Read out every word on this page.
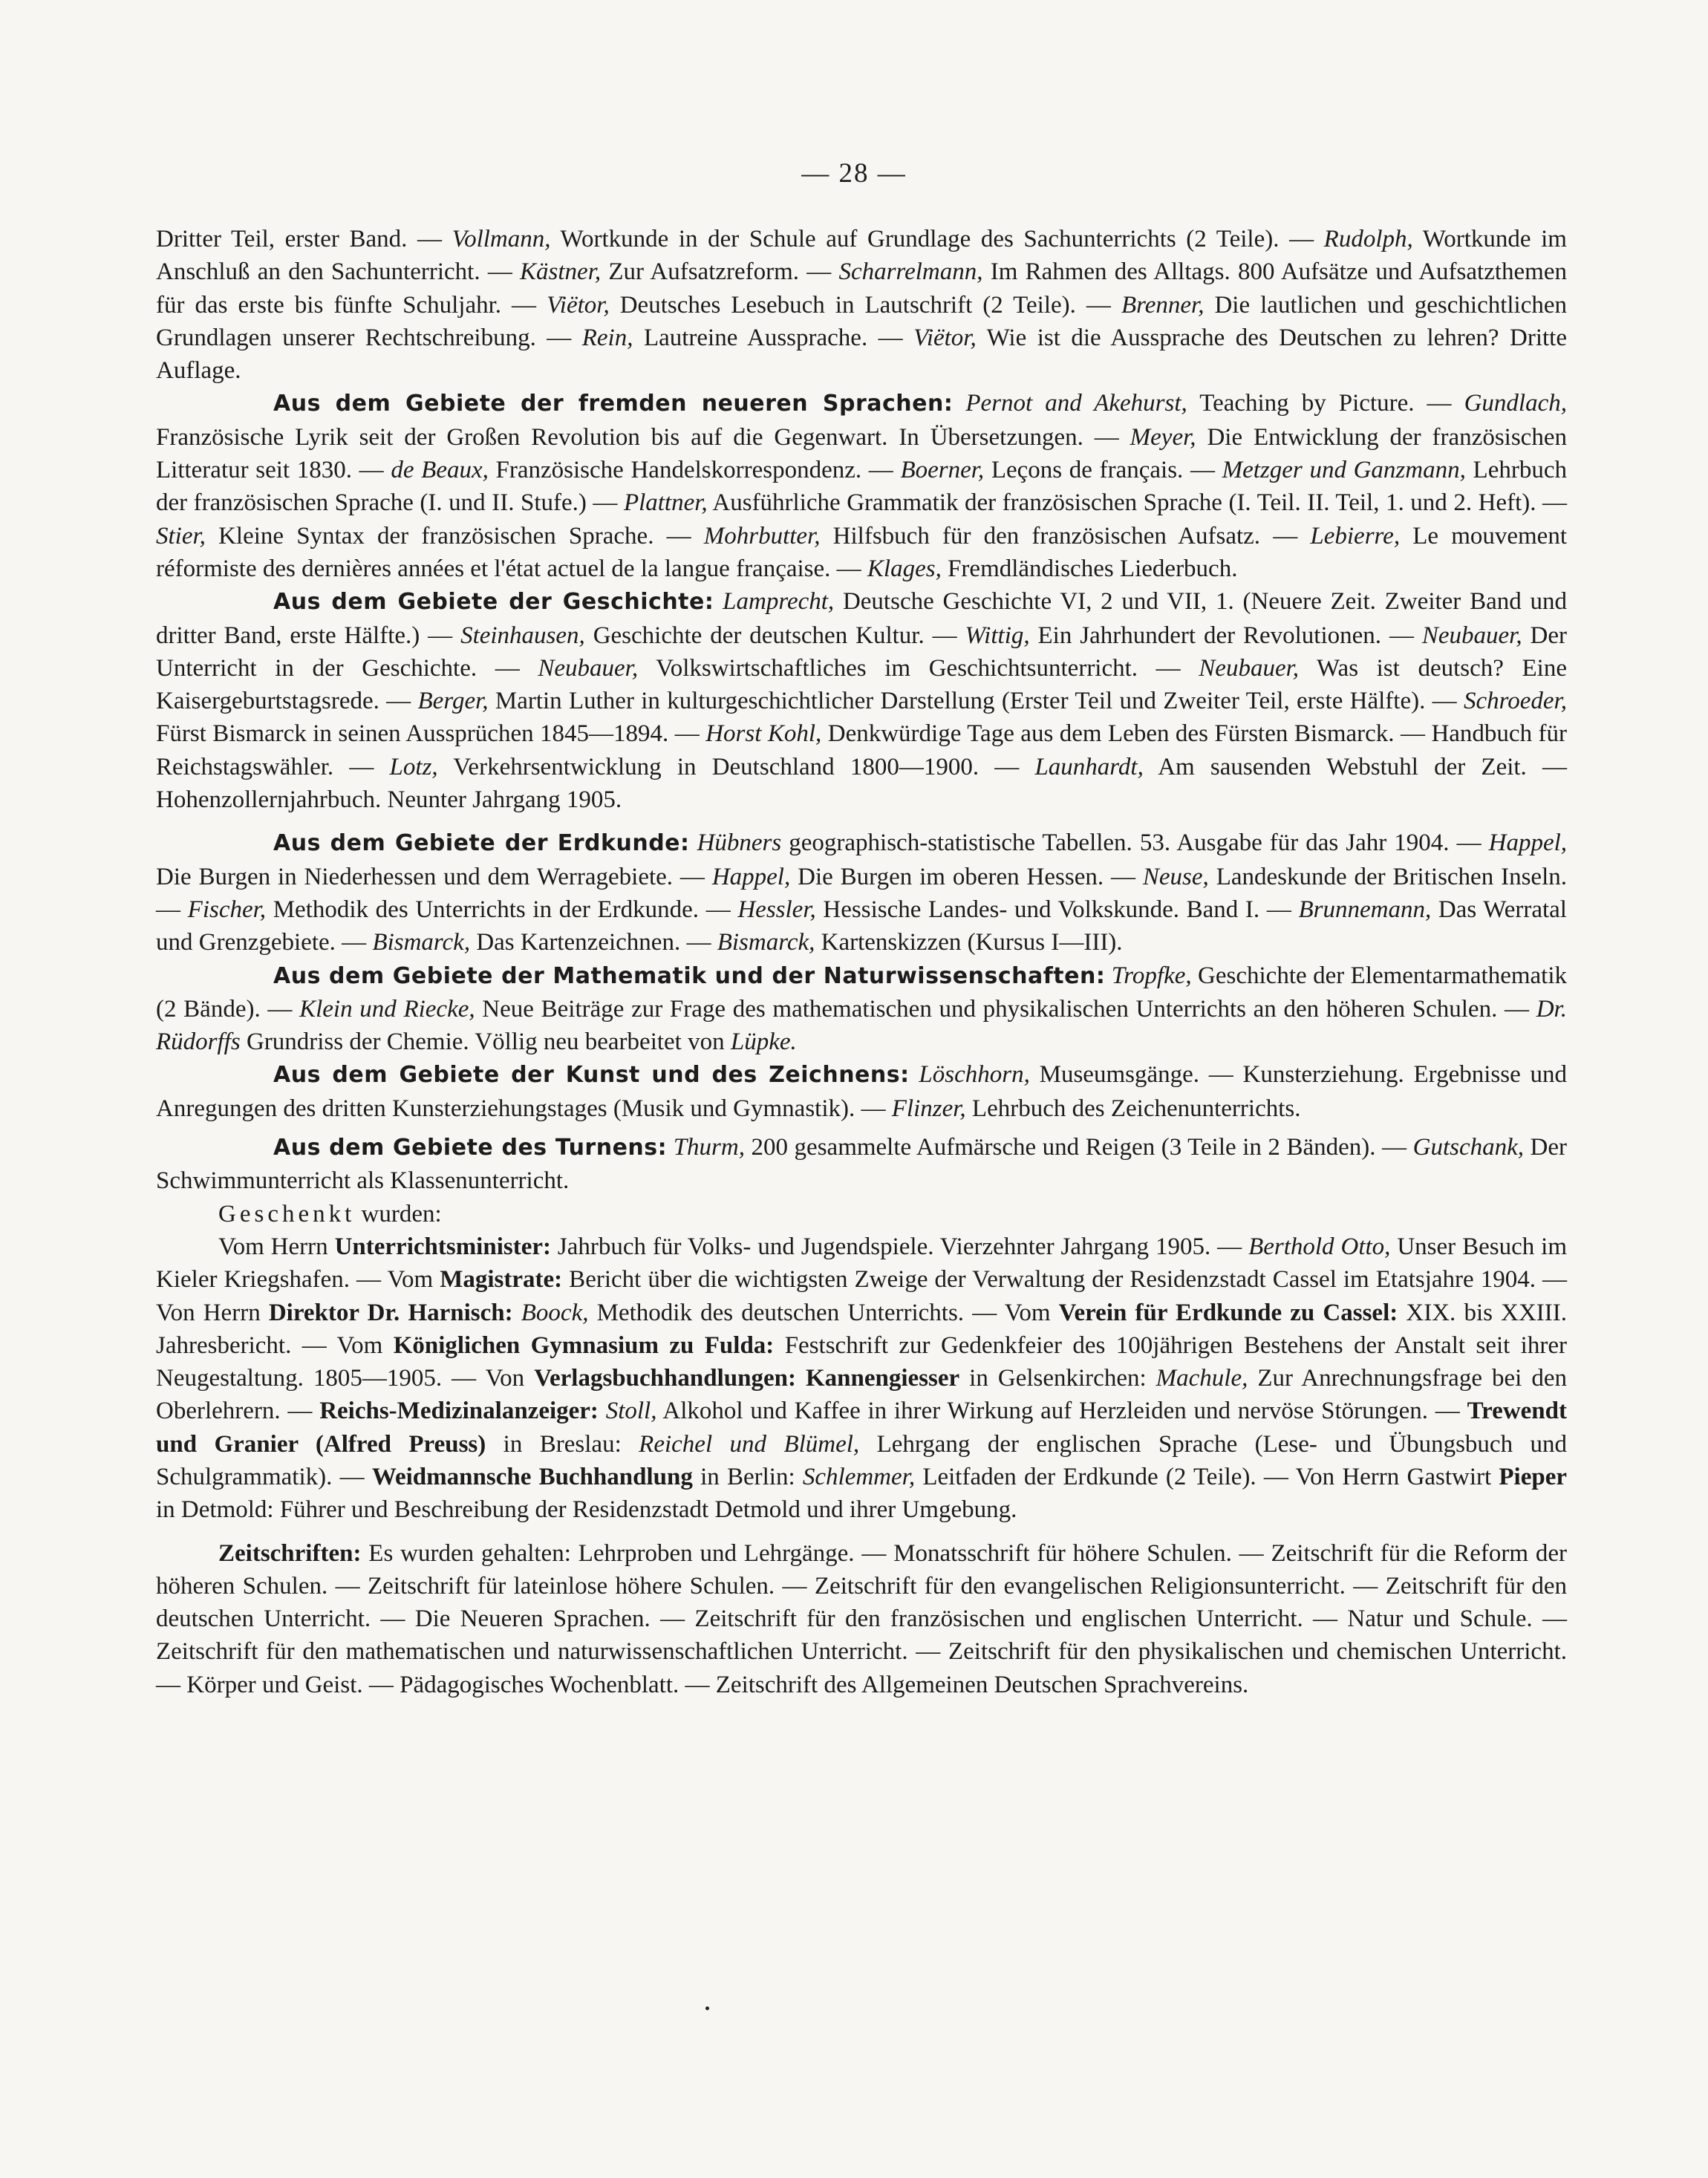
— 28 —

Dritter Teil, erster Band. — Vollmann, Wortkunde in der Schule auf Grundlage des Sachunterrichts (2 Teile). — Rudolph, Wortkunde im Anschluß an den Sachunterricht. — Kästner, Zur Aufsatzreform. — Scharrelmann, Im Rahmen des Alltags. 800 Aufsätze und Aufsatzthemen für das erste bis fünfte Schuljahr. — Viëtor, Deutsches Lesebuch in Lautschrift (2 Teile). — Brenner, Die lautlichen und geschichtlichen Grundlagen unserer Rechtschreibung. — Rein, Lautreine Aussprache. — Viëtor, Wie ist die Aussprache des Deutschen zu lehren? Dritte Auflage.

Aus dem Gebiete der fremden neueren Sprachen: Pernot and Akehurst, Teaching by Picture. — Gundlach, Französische Lyrik seit der Großen Revolution bis auf die Gegenwart. In Übersetzungen. — Meyer, Die Entwicklung der französischen Litteratur seit 1830. — de Beaux, Französische Handelskorrespondenz. — Boerner, Leçons de français. — Metzger und Ganzmann, Lehrbuch der französischen Sprache (I. und II. Stufe.) — Plattner, Ausführliche Grammatik der französischen Sprache (I. Teil. II. Teil, 1. und 2. Heft). — Stier, Kleine Syntax der französischen Sprache. — Mohrbutter, Hilfsbuch für den französischen Aufsatz. — Lebierre, Le mouvement réformiste des dernières années et l'état actuel de la langue française. — Klages, Fremdländisches Liederbuch.

Aus dem Gebiete der Geschichte: Lamprecht, Deutsche Geschichte VI, 2 und VII, 1. (Neuere Zeit. Zweiter Band und dritter Band, erste Hälfte.) — Steinhausen, Geschichte der deutschen Kultur. — Wittig, Ein Jahrhundert der Revolutionen. — Neubauer, Der Unterricht in der Geschichte. — Neubauer, Volkswirtschaftliches im Geschichtsunterricht. — Neubauer, Was ist deutsch? Eine Kaisergeburtstagsrede. — Berger, Martin Luther in kulturgeschichtlicher Darstellung (Erster Teil und Zweiter Teil, erste Hälfte). — Schroeder, Fürst Bismarck in seinen Aussprüchen 1845—1894. — Horst Kohl, Denkwürdige Tage aus dem Leben des Fürsten Bismarck. — Handbuch für Reichstagswähler. — Lotz, Verkehrsentwicklung in Deutschland 1800—1900. — Launhardt, Am sausenden Webstuhl der Zeit. — Hohenzollernjahrbuch. Neunter Jahrgang 1905.

Aus dem Gebiete der Erdkunde: Hübners geographisch-statistische Tabellen. 53. Ausgabe für das Jahr 1904. — Happel, Die Burgen in Niederhessen und dem Werragebiete. — Happel, Die Burgen im oberen Hessen. — Neuse, Landeskunde der Britischen Inseln. — Fischer, Methodik des Unterrichts in der Erdkunde. — Hessler, Hessische Landes- und Volkskunde. Band I. — Brunnemann, Das Werratal und Grenzgebiete. — Bismarck, Das Kartenzeichnen. — Bismarck, Kartenskizzen (Kursus I—III).

Aus dem Gebiete der Mathematik und der Naturwissenschaften: Tropfke, Geschichte der Elementarmathematik (2 Bände). — Klein und Riecke, Neue Beiträge zur Frage des mathematischen und physikalischen Unterrichts an den höheren Schulen. — Dr. Rüdorffs Grundriss der Chemie. Völlig neu bearbeitet von Lüpke.

Aus dem Gebiete der Kunst und des Zeichnens: Löschhorn, Museumsgänge. — Kunsterziehung. Ergebnisse und Anregungen des dritten Kunsterziehungstages (Musik und Gymnastik). — Flinzer, Lehrbuch des Zeichenunterrichts.

Aus dem Gebiete des Turnens: Thurm, 200 gesammelte Aufmärsche und Reigen (3 Teile in 2 Bänden). — Gutschank, Der Schwimmunterricht als Klassenunterricht.

Geschenkt wurden:

Vom Herrn Unterrichtsminister: Jahrbuch für Volks- und Jugendspiele. Vierzehnter Jahrgang 1905. — Berthold Otto, Unser Besuch im Kieler Kriegshafen. — Vom Magistrate: Bericht über die wichtigsten Zweige der Verwaltung der Residenzstadt Cassel im Etatsjahre 1904. — Von Herrn Direktor Dr. Harnisch: Boock, Methodik des deutschen Unterrichts. — Vom Verein für Erdkunde zu Cassel: XIX. bis XXIII. Jahresbericht. — Vom Königlichen Gymnasium zu Fulda: Festschrift zur Gedenkfeier des 100jährigen Bestehens der Anstalt seit ihrer Neugestaltung. 1805—1905. — Von Verlagsbuchhandlungen: Kannengiesser in Gelsenkirchen: Machule, Zur Anrechnungsfrage bei den Oberlehrern. — Reichs-Medizinalanzeiger: Stoll, Alkohol und Kaffee in ihrer Wirkung auf Herzleiden und nervöse Störungen. — Trewendt und Granier (Alfred Preuss) in Breslau: Reichel und Blümel, Lehrgang der englischen Sprache (Lese- und Übungsbuch und Schulgrammatik). — Weidmannsche Buchhandlung in Berlin: Schlemmer, Leitfaden der Erdkunde (2 Teile). — Von Herrn Gastwirt Pieper in Detmold: Führer und Beschreibung der Residenzstadt Detmold und ihrer Umgebung.

Zeitschriften: Es wurden gehalten: Lehrproben und Lehrgänge. — Monatsschrift für höhere Schulen. — Zeitschrift für die Reform der höheren Schulen. — Zeitschrift für lateinlose höhere Schulen. — Zeitschrift für den evangelischen Religionsunterricht. — Zeitschrift für den deutschen Unterricht. — Die Neueren Sprachen. — Zeitschrift für den französischen und englischen Unterricht. — Natur und Schule. — Zeitschrift für den mathematischen und naturwissenschaftlichen Unterricht. — Zeitschrift für den physikalischen und chemischen Unterricht. — Körper und Geist. — Pädagogisches Wochenblatt. — Zeitschrift des Allgemeinen Deutschen Sprachvereins.
